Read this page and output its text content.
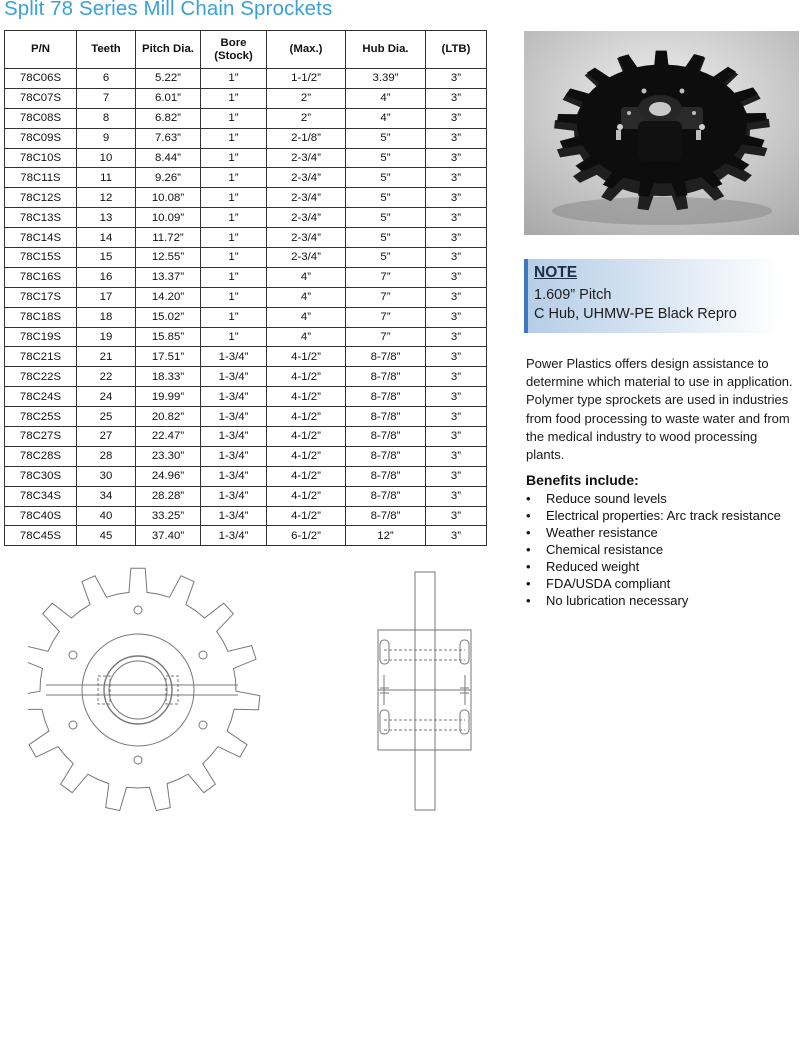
Split 78 Series Mill Chain Sprockets
P/N	Teeth	Pitch Dia.	Bore (Stock)	(Max.)	Hub Dia.	(LTB)
78C06S	6	5.22”	1”	1-1/2”	3.39”	3”
78C07S	7	6.01”	1”	2”	4”	3”
78C08S	8	6.82”	1”	2”	4”	3”
78C09S	9	7.63”	1”	2-1/8”	5”	3”
78C10S	10	8.44”	1”	2-3/4”	5”	3”
78C11S	11	9.26”	1”	2-3/4”	5”	3”
78C12S	12	10.08”	1”	2-3/4”	5”	3”
78C13S	13	10.09”	1”	2-3/4”	5”	3”
78C14S	14	11.72”	1”	2-3/4”	5”	3”
78C15S	15	12.55”	1”	2-3/4”	5”	3”
78C16S	16	13.37”	1”	4”	7”	3”
78C17S	17	14.20”	1”	4”	7”	3”
78C18S	18	15.02”	1”	4”	7”	3”
78C19S	19	15.85”	1”	4”	7”	3”
78C21S	21	17.51”	1-3/4”	4-1/2”	8-7/8”	3”
78C22S	22	18.33”	1-3/4”	4-1/2”	8-7/8”	3”
78C24S	24	19.99”	1-3/4”	4-1/2”	8-7/8”	3”
78C25S	25	20.82”	1-3/4”	4-1/2”	8-7/8”	3”
78C27S	27	22.47”	1-3/4”	4-1/2”	8-7/8”	3”
78C28S	28	23.30”	1-3/4”	4-1/2”	8-7/8”	3”
78C30S	30	24.96”	1-3/4”	4-1/2”	8-7/8”	3”
78C34S	34	28.28”	1-3/4”	4-1/2”	8-7/8”	3”
78C40S	40	33.25”	1-3/4”	4-1/2”	8-7/8”	3”
78C45S	45	37.40”	1-3/4”	6-1/2”	12”	3”
NOTE
1.609” Pitch
C Hub, UHMW-PE Black Repro
Power Plastics offers design assistance to determine which material to use in application. Polymer type sprockets are used in industries from food processing to waste water and from the medical industry to wood processing plants.
Benefits include:
• Reduce sound levels
• Electrical properties: Arc track resistance
• Weather resistance
• Chemical resistance
• Reduced weight
• FDA/USDA compliant
• No lubrication necessary
